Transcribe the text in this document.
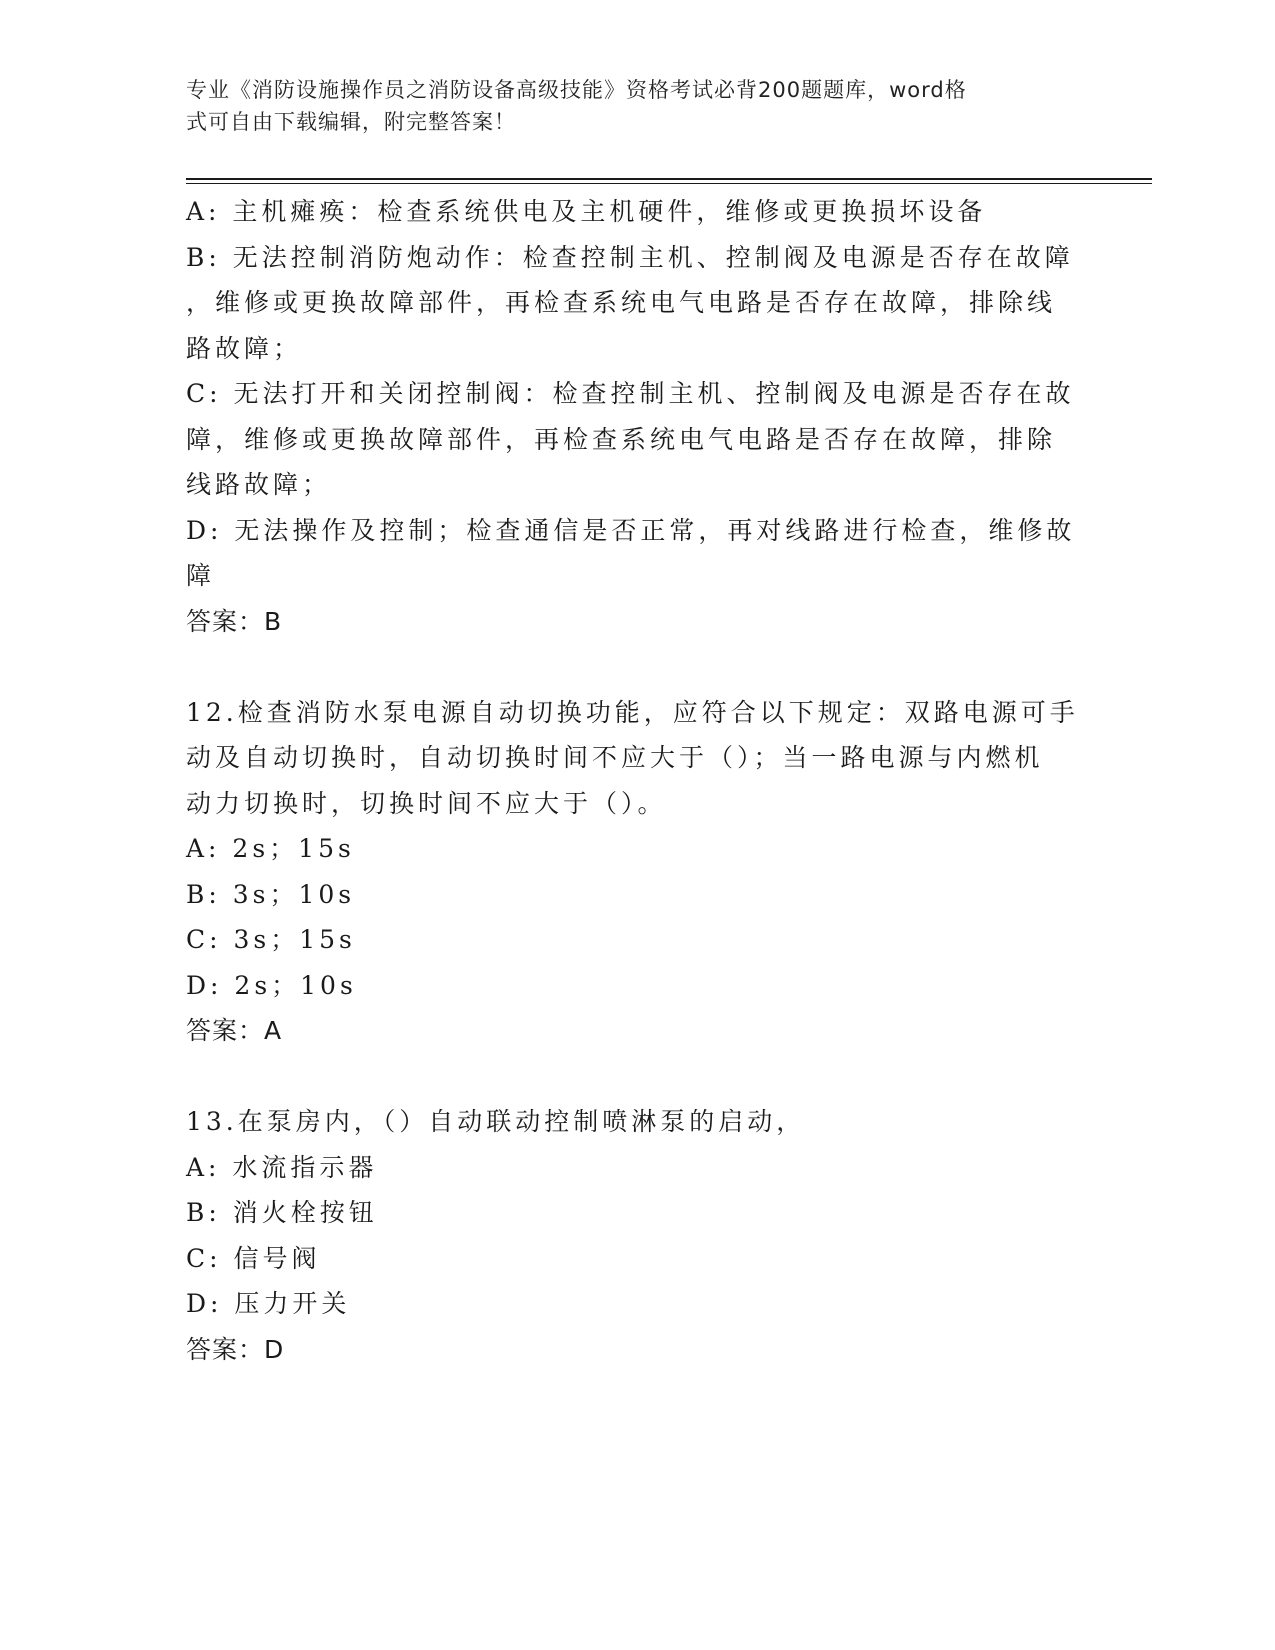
专业《消防设施操作员之消防设备高级技能》资格考试必背200题题库，word格
式可自由下载编辑，附完整答案！
A: 主机瘫痪：检查系统供电及主机硬件，维修或更换损坏设备
B: 无法控制消防炮动作：检查控制主机、控制阀及电源是否存在故障
，维修或更换故障部件，再检查系统电气电路是否存在故障，排除线
路故障；
C: 无法打开和关闭控制阀：检查控制主机、控制阀及电源是否存在故
障，维修或更换故障部件，再检查系统电气电路是否存在故障，排除
线路故障；
D: 无法操作及控制；检查通信是否正常，再对线路进行检查，维修故
障
答案：B
12.检查消防水泵电源自动切换功能，应符合以下规定：双路电源可手
动及自动切换时，自动切换时间不应大于（）；当一路电源与内燃机
动力切换时，切换时间不应大于（）。
A: 2s；15s
B: 3s；10s
C: 3s；15s
D: 2s；10s
答案：A
13.在泵房内，（）自动联动控制喷淋泵的启动，
A: 水流指示器
B: 消火栓按钮
C: 信号阀
D: 压力开关
答案：D
